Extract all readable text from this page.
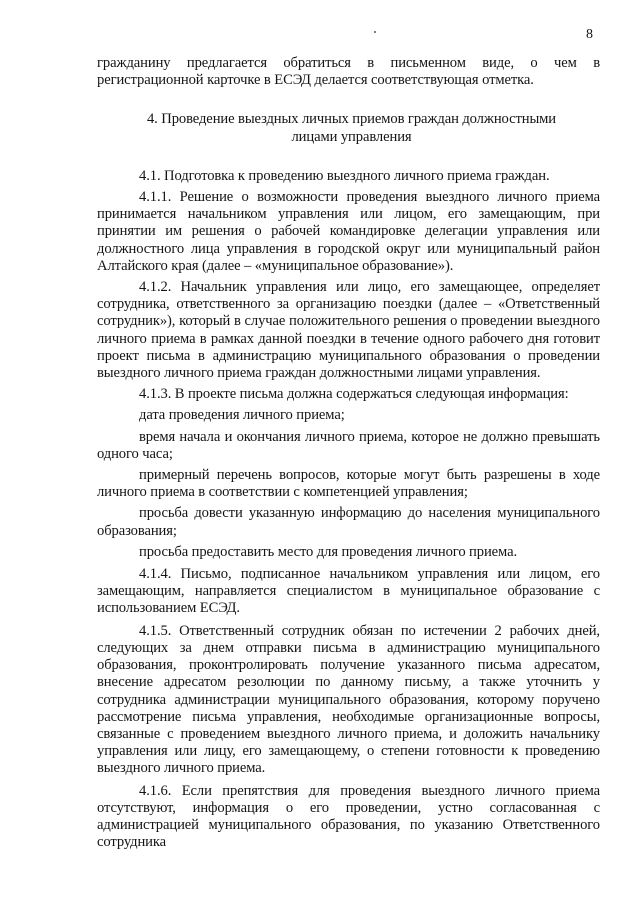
8

гражданину предлагается обратиться в письменном виде, о чем в регистрационной карточке в ЕСЭД делается соответствующая отметка.

4. Проведение выездных личных приемов граждан должностными лицами управления

4.1. Подготовка к проведению выездного личного приема граждан.

4.1.1. Решение о возможности проведения выездного личного приема принимается начальником управления или лицом, его замещающим, при принятии им решения о рабочей командировке делегации управления или должностного лица управления в городской округ или муниципальный район Алтайского края (далее – «муниципальное образование»).

4.1.2. Начальник управления или лицо, его замещающее, определяет сотрудника, ответственного за организацию поездки (далее – «Ответственный сотрудник»), который в случае положительного решения о проведении выездного личного приема в рамках данной поездки в течение одного рабочего дня готовит проект письма в администрацию муниципального образования о проведении выездного личного приема граждан должностными лицами управления.

4.1.3. В проекте письма должна содержаться следующая информация:

дата проведения личного приема;

время начала и окончания личного приема, которое не должно превышать одного часа;

примерный перечень вопросов, которые могут быть разрешены в ходе личного приема в соответствии с компетенцией управления;

просьба довести указанную информацию до населения муниципального образования;

просьба предоставить место для проведения личного приема.

4.1.4. Письмо, подписанное начальником управления или лицом, его замещающим, направляется специалистом в муниципальное образование с использованием ЕСЭД.

4.1.5. Ответственный сотрудник обязан по истечении 2 рабочих дней, следующих за днем отправки письма в администрацию муниципального образования, проконтролировать получение указанного письма адресатом, внесение адресатом резолюции по данному письму, а также уточнить у сотрудника администрации муниципального образования, которому поручено рассмотрение письма управления, необходимые организационные вопросы, связанные с проведением выездного личного приема, и доложить начальнику управления или лицу, его замещающему, о степени готовности к проведению выездного личного приема.

4.1.6. Если препятствия для проведения выездного личного приема отсутствуют, информация о его проведении, устно согласованная с администрацией муниципального образования, по указанию Ответственного сотрудника
